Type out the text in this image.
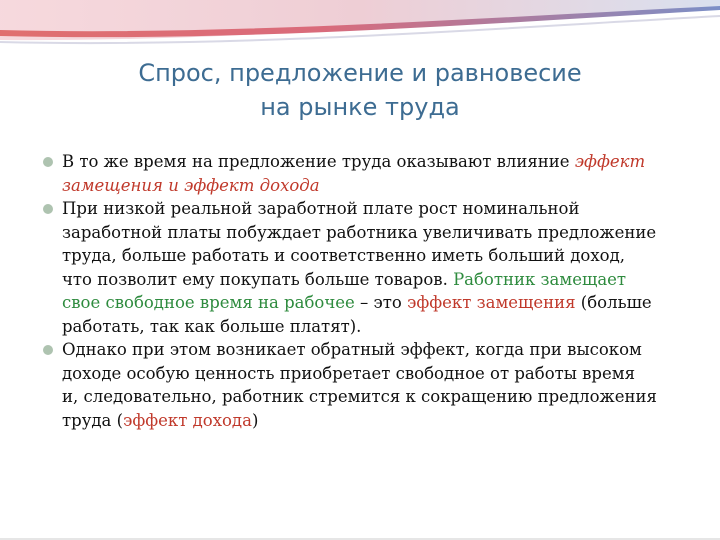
Спрос, предложение и равновесие
на рынке труда
В то же время на предложение труда оказывают влияние эффект
замещения и эффект дохода
При низкой реальной заработной плате рост номинальной
заработной платы побуждает работника увеличивать предложение
труда, больше работать и соответственно иметь больший доход,
что позволит ему покупать больше товаров. Работник замещает
свое свободное время на рабочее – это эффект замещения (больше
работать, так как больше платят).
Однако при этом возникает обратный эффект, когда при высоком
доходе особую ценность приобретает свободное от работы время
и, следовательно, работник стремится к сокращению предложения
труда (эффект дохода)
